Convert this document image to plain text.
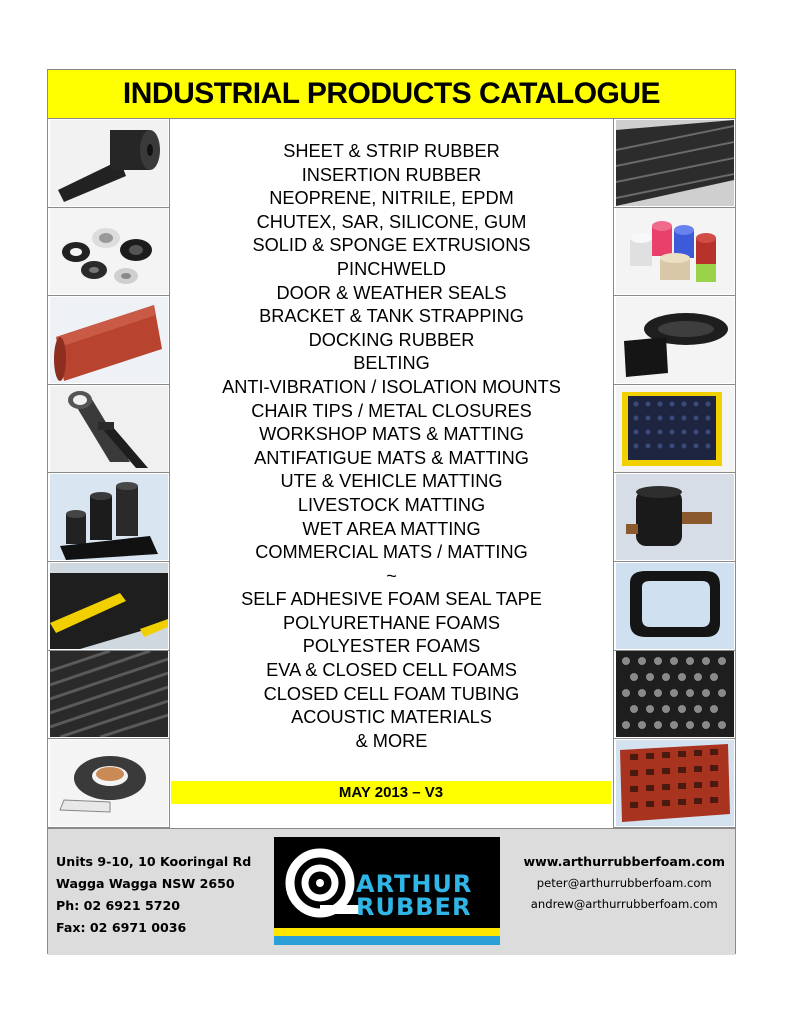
INDUSTRIAL PRODUCTS CATALOGUE
SHEET & STRIP RUBBER
INSERTION RUBBER
NEOPRENE, NITRILE, EPDM
CHUTEX, SAR, SILICONE, GUM
SOLID & SPONGE EXTRUSIONS
PINCHWELD
DOOR & WEATHER SEALS
BRACKET & TANK STRAPPING
DOCKING RUBBER
BELTING
ANTI-VIBRATION / ISOLATION MOUNTS
CHAIR TIPS / METAL CLOSURES
WORKSHOP MATS & MATTING
ANTIFATIGUE MATS & MATTING
UTE & VEHICLE MATTING
LIVESTOCK MATTING
WET AREA MATTING
COMMERCIAL MATS / MATTING
~
SELF ADHESIVE FOAM SEAL TAPE
POLYURETHANE FOAMS
POLYESTER FOAMS
EVA & CLOSED CELL FOAMS
CLOSED CELL FOAM TUBING
ACOUSTIC MATERIALS
& MORE
MAY 2013 – V3
Units 9-10, 10 Kooringal Rd
Wagga Wagga NSW 2650
Ph: 02 6921 5720
Fax: 02 6971 0036
ARTHUR
RUBBER
www.arthurrubberfoam.com
peter@arthurrubberfoam.com
andrew@arthurrubberfoam.com
